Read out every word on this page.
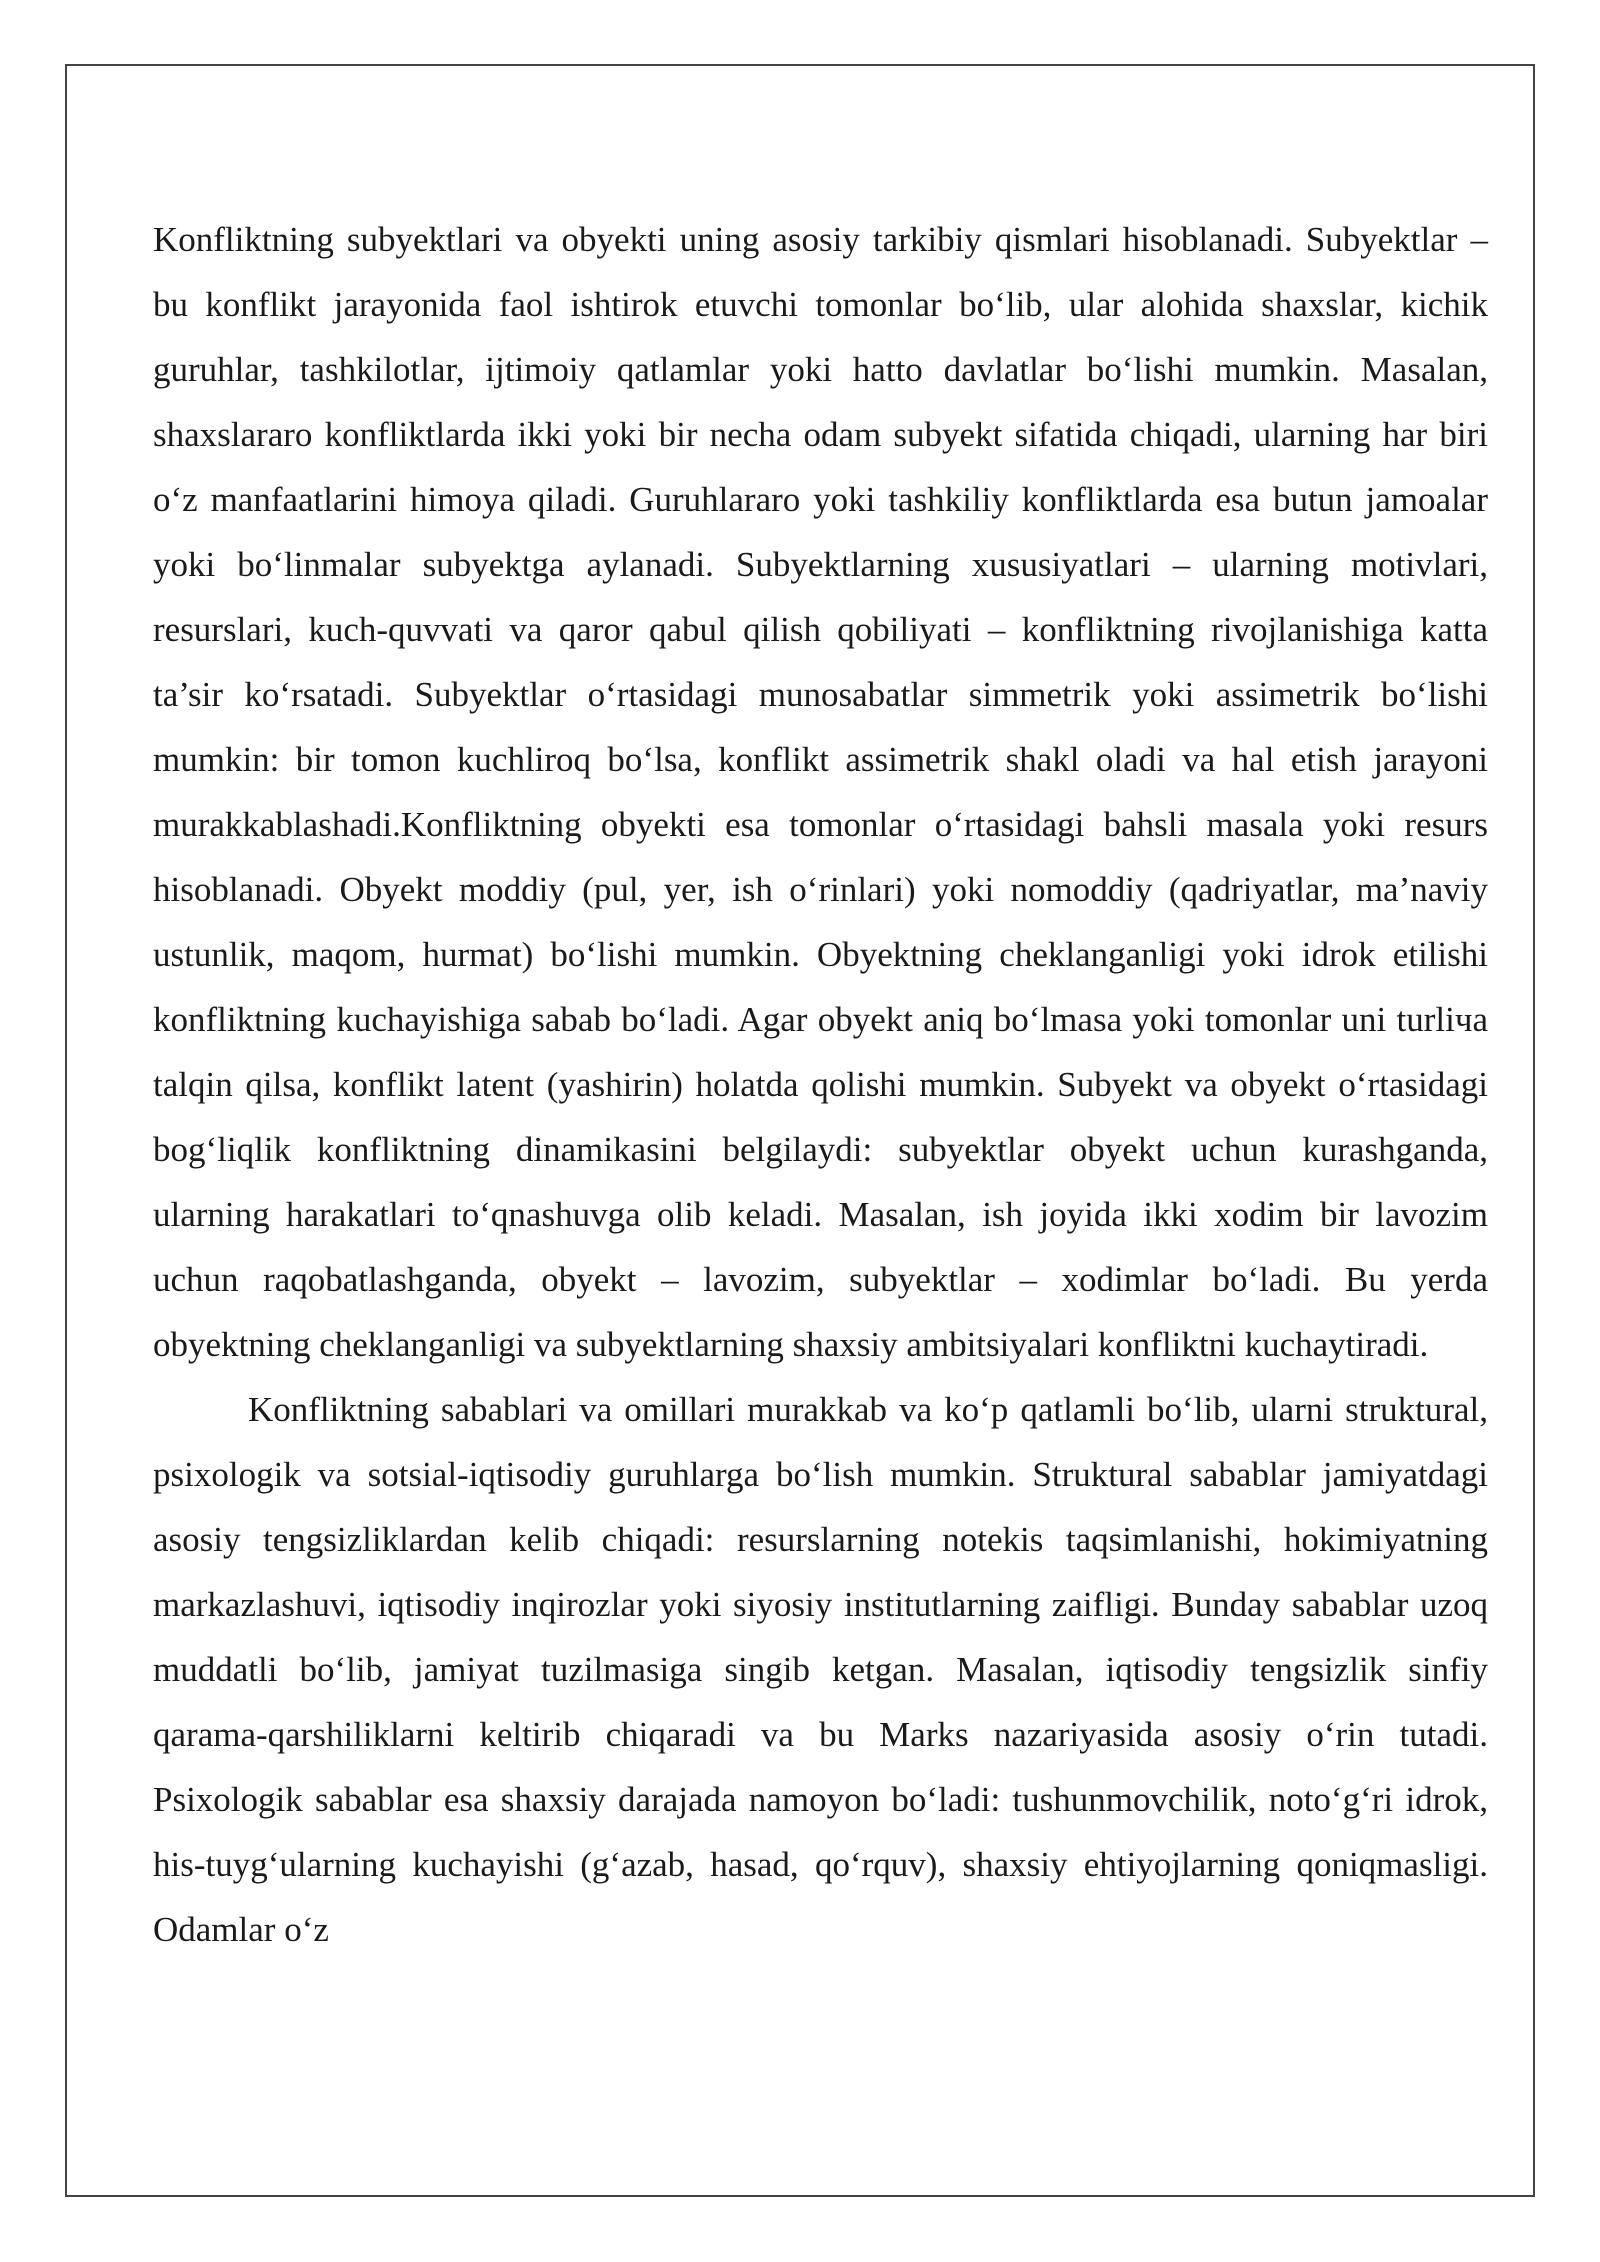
Konfliktning subyektlari va obyekti uning asosiy tarkibiy qismlari hisoblanadi. Subyektlar – bu konflikt jarayonida faol ishtirok etuvchi tomonlar bo‘lib, ular alohida shaxslar, kichik guruhlar, tashkilotlar, ijtimoiy qatlamlar yoki hatto davlatlar bo‘lishi mumkin. Masalan, shaxslararo konfliktlarda ikki yoki bir necha odam subyekt sifatida chiqadi, ularning har biri o‘z manfaatlarini himoya qiladi. Guruhlararo yoki tashkiliy konfliktlarda esa butun jamoalar yoki bo‘linmalar subyektga aylanadi. Subyektlarning xususiyatlari – ularning motivlari, resurslari, kuch-quvvati va qaror qabul qilish qobiliyati – konfliktning rivojlanishiga katta ta’sir ko‘rsatadi. Subyektlar o‘rtasidagi munosabatlar simmetrik yoki assimetrik bo‘lishi mumkin: bir tomon kuchliroq bo‘lsa, konflikt assimetrik shakl oladi va hal etish jarayoni murakkablashadi.Konfliktning obyekti esa tomonlar o‘rtasidagi bahsli masala yoki resurs hisoblanadi. Obyekt moddiy (pul, yer, ish o‘rinlari) yoki nomoddiy (qadriyatlar, ma’naviy ustunlik, maqom, hurmat) bo‘lishi mumkin. Obyektning cheklanganligi yoki idrok etilishi konfliktning kuchayishiga sabab bo‘ladi. Agar obyekt aniq bo‘lmasa yoki tomonlar uni turliча talqin qilsa, konflikt latent (yashirin) holatda qolishi mumkin. Subyekt va obyekt o‘rtasidagi bog‘liqlik konfliktning dinamikasini belgilaydi: subyektlar obyekt uchun kurashganda, ularning harakatlari to‘qnashuvga olib keladi. Masalan, ish joyida ikki xodim bir lavozim uchun raqobatlashganda, obyekt – lavozim, subyektlar – xodimlar bo‘ladi. Bu yerda obyektning cheklanganligi va subyektlarning shaxsiy ambitsiyalari konfliktni kuchaytiradi.

Konfliktning sabablari va omillari murakkab va ko‘p qatlamli bo‘lib, ularni struktural, psixologik va sotsial-iqtisodiy guruhlarga bo‘lish mumkin. Struktural sabablar jamiyatdagi asosiy tengsizliklardan kelib chiqadi: resurslarning notekis taqsimlanishi, hokimiyatning markazlashuvi, iqtisodiy inqirozlar yoki siyosiy institutlarning zaifligi. Bunday sabablar uzoq muddatli bo‘lib, jamiyat tuzilmasiga singib ketgan. Masalan, iqtisodiy tengsizlik sinfiy qarama-qarshiliklarni keltirib chiqaradi va bu Marks nazariyasida asosiy o‘rin tutadi. Psixologik sabablar esa shaxsiy darajada namoyon bo‘ladi: tushunmovchilik, noto‘g‘ri idrok, his-tuyg‘ularning kuchayishi (g‘azab, hasad, qo‘rquv), shaxsiy ehtiyojlarning qoniqmasligi. Odamlar o‘z
